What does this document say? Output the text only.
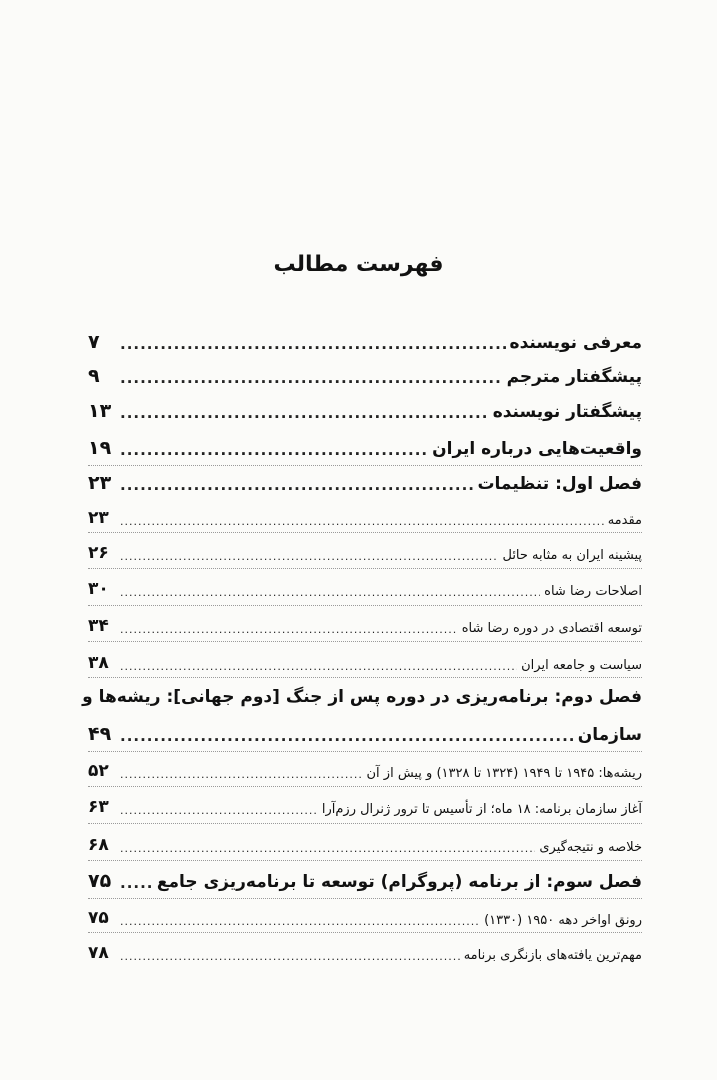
فهرست مطالب
معرفی نویسنده
.....
۷
پیشگفتار مترجم
.....
۹
پیشگفتار نویسنده
.....
۱۳
واقعیت‌هایی درباره ایران
.....
۱۹
فصل اول: تنظیمات
.....
۲۳
مقدمه
.....
۲۳
پیشینه ایران به مثابه حائل
.....
۲۶
اصلاحات رضا شاه
.....
۳۰
توسعه اقتصادی در دوره رضا شاه
.....
۳۴
سیاست و جامعه ایران
.....
۳۸
فصل دوم: برنامه‌ریزی در دوره پس از جنگ [دوم جهانی]: ریشه‌ها و
سازمان
.....
۴۹
ریشه‌ها: ۱۹۴۵ تا ۱۹۴۹ (۱۳۲۴ تا ۱۳۲۸) و پیش از آن
.....
۵۲
آغاز سازمان برنامه: ۱۸ ماه؛ از تأسیس تا ترور ژنرال رزم‌آرا
.....
۶۳
خلاصه و نتیجه‌گیری
.....
۶۸
فصل سوم: از برنامه (پروگرام) توسعه تا برنامه‌ریزی جامع
.....
۷۵
رونق اواخر دهه ۱۹۵۰ (۱۳۳۰)
.....
۷۵
مهم‌ترین یافته‌های بازنگری برنامه
.....
۷۸
